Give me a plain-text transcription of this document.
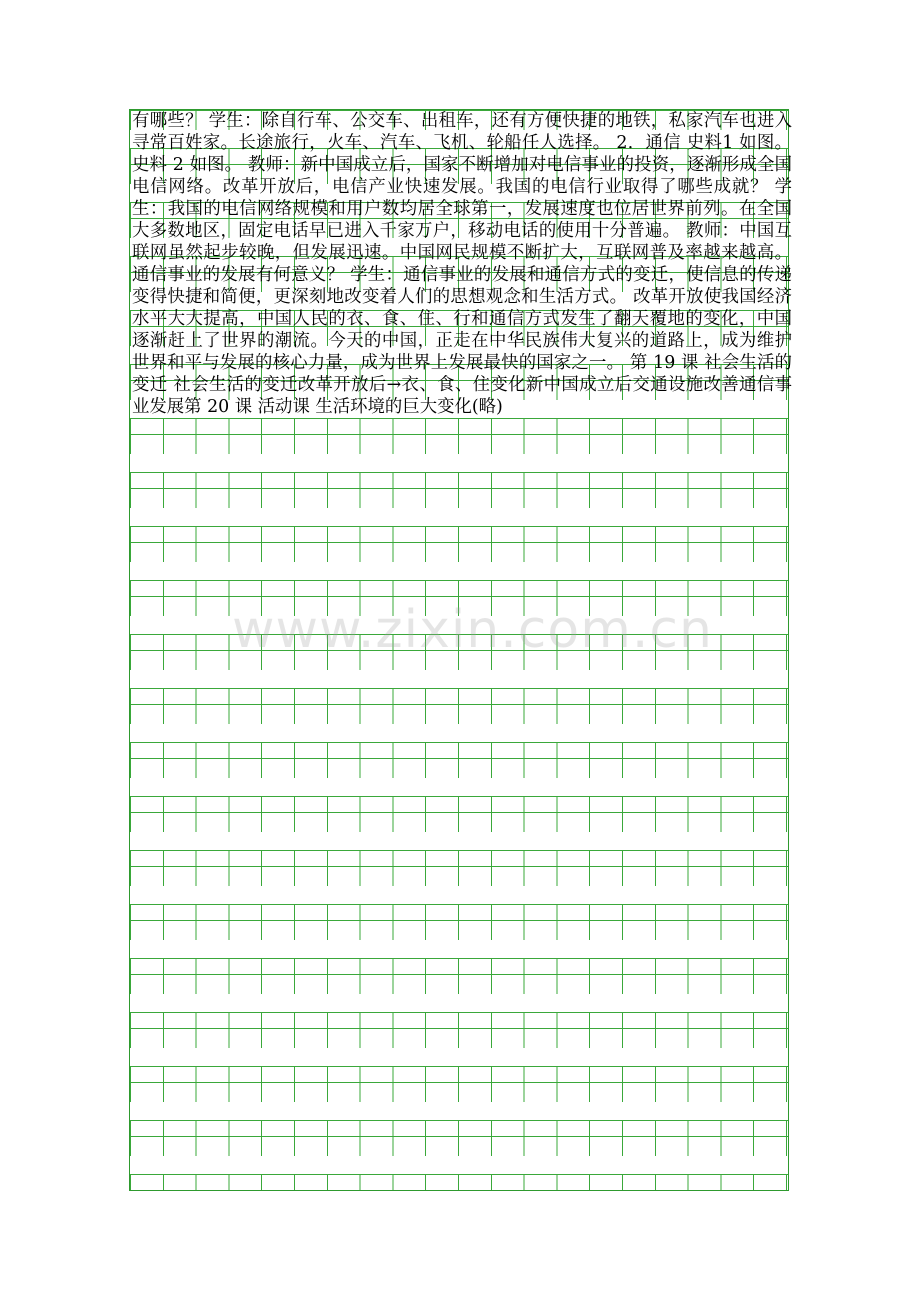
有哪些？ 学生：除自行车、公交车、出租车，还有方便快捷的地铁，私家汽车也进入寻常百姓家。长途旅行，火车、汽车、飞机、轮船任人选择。 2．通信 史料1 如图。 史料 2 如图。 教师：新中国成立后，国家不断增加对电信事业的投资，逐渐形成全国电信网络。改革开放后，电信产业快速发展。我国的电信行业取得了哪些成就？ 学生：我国的电信网络规模和用户数均居全球第一，发展速度也位居世界前列。在全国大多数地区，固定电话早已进入千家万户，移动电话的使用十分普遍。 教师：中国互联网虽然起步较晚，但发展迅速。中国网民规模不断扩大，互联网普及率越来越高。通信事业的发展有何意义？ 学生：通信事业的发展和通信方式的变迁，使信息的传递变得快捷和简便，更深刻地改变着人们的思想观念和生活方式。 改革开放使我国经济水平大大提高，中国人民的衣、食、住、行和通信方式发生了翻天覆地的变化，中国逐渐赶上了世界的潮流。今天的中国，正走在中华民族伟大复兴的道路上，成为维护世界和平与发展的核心力量，成为世界上发展最快的国家之一。 第 19 课 社会生活的变迁 社会生活的变迁改革开放后→衣、食、住变化新中国成立后交通设施改善通信事业发展第 20 课 活动课 生活环境的巨大变化(略)

www.zixin.com.cn
